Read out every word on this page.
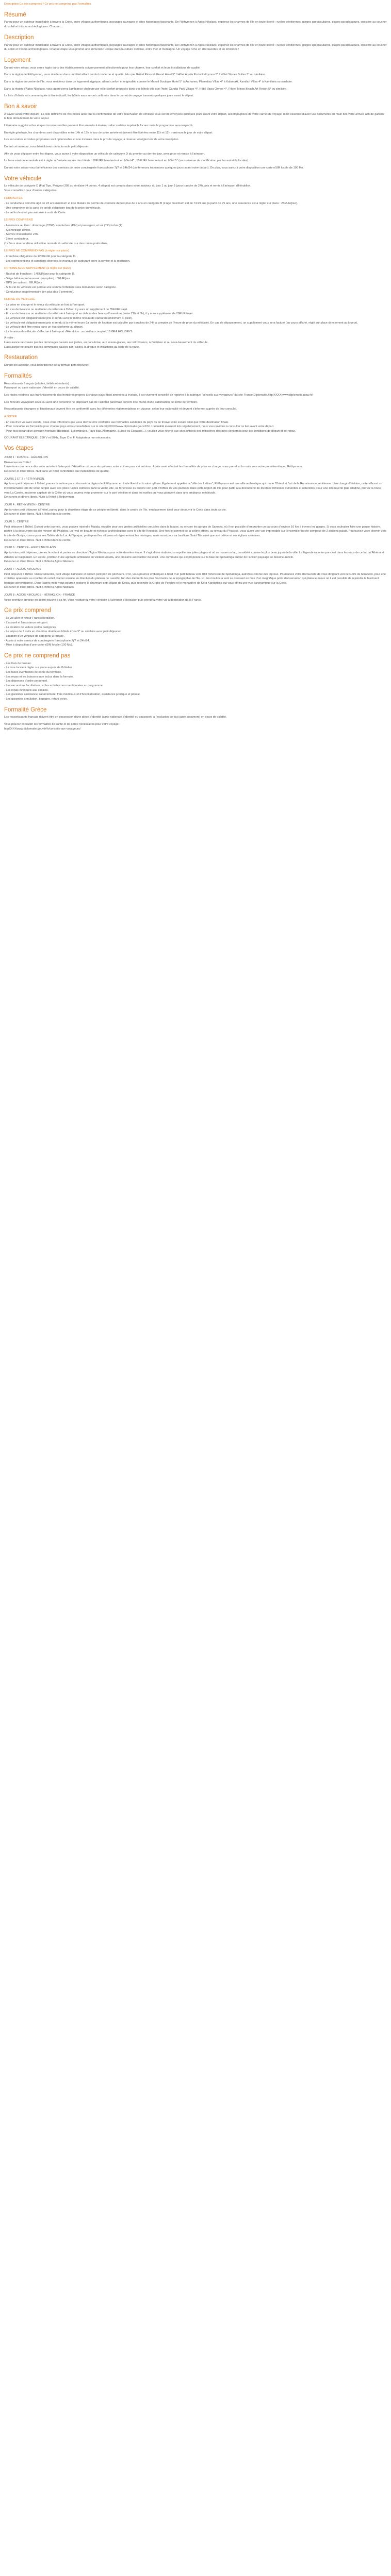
Description Ce prix comprend / Ce prix ne comprend pas Formalités

Résumé

Partez pour un autotour inoubliable à travers la Crète, entre villages authentiques, paysages sauvages et sites historiques fascinants. De Réthymnon à Agios Nikolaos, explorez les charmes de l'île en toute liberté : ruelles vénitiennes, gorges spectaculaires, plages paradisiaques, croisière au coucher du soleil et trésors archéologiques. Chaque ...

Description

Partez pour un autotour inoubliable à travers la Crète, entre villages authentiques, paysages sauvages et sites historiques fascinants. De Réthymnon à Agios Nikolaos, explorez les charmes de l'île en toute liberté : ruelles vénitiennes, gorges spectaculaires, plages paradisiaques, croisière au coucher du soleil et trésors archéologiques. Chaque étape vous promet une immersion unique dans la culture crétoise, entre mer et montagne. Un voyage riche en découvertes et en émotions !

Logement

Durant votre séjour, vous serez logés dans des établissements soigneusement sélectionnés pour leur charme, leur confort et leurs installations de qualité.

Dans la région de Réthymnon, vous résiderez dans un hôtel alliant confort moderne et qualité, tels que l'Hôtel Rimondi Grand Hotel 5* / Hôtel Aquila Porto Rethymno 5* / Hôtel Stones Suites 5* ou similaire.

Dans la région du centre de l'île, vous résiderez dans un logement atypique, alliant confort et originalité, comme le Manoli Boutique Hotel 5* à Archanes, Phaestias Villas 4* à Kalamaki, Kamilari Villas 4* à Kamilaria ou similaire.

Dans la région d'Agios Nikolaos, vous apprécierez l'ambiance chaleureuse et le confort proposés dans des hôtels tels que l'hotel Candia Park Village 4*, Hôtel Vasia Ormos 4*, l'Hotel Minos Beach Art Resort 5* ou similaire.

La liste d'hôtels est communiquée à titre indicatif, les hôtels vous seront confirmés dans le carnet de voyage transmis quelques jours avant le départ.

Bon à savoir

À savoir avant votre départ : La liste définitive de vos hôtels ainsi que la confirmation de votre réservation de véhicule vous seront envoyées quelques jours avant votre départ, accompagnées de votre carnet de voyage. Il est essentiel d'avoir vos documents en main dès votre arrivée afin de garantir le bon déroulement de votre séjour.

L'itinéraire suggéré et les étapes incontournables peuvent être amenés à évoluer selon certains impératifs locaux mais le programme sera respecté.

En règle générale, les chambres sont disponibles entre 14h et 15h le jour de votre arrivée et doivent être libérées entre 11h et 12h maximum le jour de votre départ.

Les excursions et visites proposées sont optionnelles et non incluses dans le prix du voyage, à réserver et régler lors de votre inscription.

Durant cet autotour, vous bénéficierez de la formule petit déjeuner.

Afin de vous déplacer entre les étapes, vous aurez à votre disposition un véhicule de catégorie D du premier au dernier jour, avec prise et remise à l'aéroport.

La base environnementale est à régler à l'arrivée auprès des hôtels : 10EUR/chambre/nuit en hôtel 4* ; 15EUR/chambre/nuit en hôtel 5* (sous réserve de modification par les autorités locales).

Durant votre séjour vous bénéficierez des services de notre conciergerie francophone 7j/7 et 24h/24 (conférences transmises quelques jours avant votre départ). De plus, vous aurez à votre disposition une carte eSIM locale de 100 Mo.

Votre véhicule

Le véhicule de catégorie D (Fiat Tipo, Peugeot 308 ou similaire (4 portes, 4 sièges) est compris dans votre autotour du jour 1 au jour 8 (pour tranche de 24h, pris et remis à l'aéroport d'Héraklion.
Vous connaîtrez pour d'autres catégories.

FORMALITÉS

- Le conducteur doit être âgé de 23 ans minimum et être titulaire du permis de conduire depuis plus de 2 ans en catégorie B (L'âge maximum est de 74.99 ans (a partir de 75 ans, une assurance est à régler sur place : 25EUR/jour).
- Une empreinte de la carte de crédit obligatoire lors de la prise du véhicule.
- Le véhicule n'est pas autorisé à sortir de Crète.

LE PRIX COMPREND

- Assurance au tiers : dommage (CDW), conducteur (PAI) et passagers, et vol (TP) inclus (1)
- Kilométrage illimité.
- Service d'assistance 24h.
- 2ème conducteur.
(1) Sous réserve d'une utilisation normale du véhicule, sur des routes praticables.

LE PRIX NE COMPREND PAS (à régler sur place)

- Franchise obligatoire de 1200EUR pour la catégorie D.
- Les contraventions et sanctions diverses, le manque de carburant entre la remise et la restitution.

OPTIONS AVEC SUPPLÉMENT (à régler sur place)

- Rachat de franchise : 14EUR/jour pour la catégorie D.
- Siège bébé ou rehausseur (en option) : 5EUR/jour
- GPS (en option) : 6EUR/jour
- Si la clé du véhicule est perdue une somme forfaitaire sera demandée selon catégorie.
- Conducteur supplémentaire (en plus des 2 premiers).

REMISE DU VÉHICULE

- La prise en charge et le retour du véhicule se font à l'aéroport.
- En cas de livraison ou restitution du véhicule à l'hôtel, il y aura un supplément de 35EUR/ trajet.
- En cas de livraison ou restitution du véhicule à l'aéroport en dehors des heures d'ouverture (entre 21h et 8h), il y aura supplément de 20EUR/trajet.
- Le véhicule est obligatoirement pris et rendu avec le même niveau de carburant (minimum ¼ plein).
- Le véhicule est obligatoirement pris et rendu à la même heure (la durée de location est calculée par tranches de 24h à compter de l'heure de prise du véhicule). En cas de dépassement, un supplément vous sera facturé (au cours affiché, réglé sur place directement au loueur).
- Le véhicule doit être rendu dans un état conforme au départ.
- La livraison du véhicule s'effectue à l'aéroport d'Héraklion : accueil au comptoir 16 GEA HOLIDAYS
À noter :
L'assurance ne couvre pas les dommages causés aux jantes, au pare-brise, aux essuie-glaces, aux rétroviseurs, à l'intérieur et au sous-bassement du véhicule.
L'assurance ne couvre pas les dommages causés par l'alcool, la drogue et infractions au code de la route.
Restauration

Durant cet autotour, vous bénéficierez de la formule petit déjeuner.

Formalités

Ressortissants français (adultes, bébés et enfants) :
Passeport ou carte nationale d'identité en cours de validité.

Les règles relatives aux franchissements des frontières propres à chaque pays étant amenées à évoluer, il est vivement conseillé de reporter à la rubrique "conseils aux voyageurs" du site France Diplomatie.http(XXXX)www.diplomatie.gouv.fr/.

Les mineurs voyageant seuls ou avec une personne ne disposant pas de l'autorité parentale doivent être munis d'une autorisation de sortie de territoire.

Ressortissants étrangers et binationaux devront être en conformité avec les différentes réglementations en vigueur, selon leur nationalité et devront s'informer auprès de leur consulat.

A NOTER

- En cas d'un vol avec escale, nous vous informons que vous devrez être conforme aux formalités sanitaires du pays ou se trouve votre escale ainsi que votre destination finale.
- Pour connaître les formalités pour chaque pays et/ou consultables sur le site httpXXXXwww.diplomatie.gouv.fr/fr/. L'actualité évoluant très régulièrement, nous vous invitons à consulter ce lien avant votre départ.
- Pour tout départ d'un aéroport frontalier (Belgique, Luxembourg, Pays-Bas, Allemagne, Suisse ou Espagne...), veuillez vous référer aux sites officiels des ministères des pays concernés pour les conditions de départ et de retour.

COURANT ELECTRIQUE : 230 V et 50Hz, Type C et F. Adaptateur non nécessaire.

Vos étapes

JOUR 1 : FRANCE - HÉRAKLION

Bienvenue en Crète !
L'aventure commence dès votre arrivée à l'aéroport d'Héraklion où vous récupérerez votre voiture pour cet autotour. Après avoir effectué les formalités de prise en charge, vous prendrez la route vers votre première étape : Réthymnon.
Déjeuner et dîner libres. Nuit dans un hôtel confortable aux installations de qualité.

JOURS 2 ET 3 : RÉTHYMNON

Après un petit déjeuner à l'hôtel, prenez la voiture pour découvrir la région de Réthymnon en toute liberté et à votre rythme. Également appelée la "ville des Lettres", Réthymnon est une ville authentique qui marie l'Orient et l'art de la Renaissance vénitienne. Lieu chargé d'histoire, cette ville est un incontournable lors de votre périple avec ses jolies ruelles colorées dans la vieille ville, sa forteresse ou encore son port. Profitez de vos journées dans cette région de l'île pour partir à la découverte de diverses richesses culturelles et naturelles. Pour une découverte plus citadine, prenez la route vers La Canée, ancienne capitale de la Crète où vous pourrez vous promener sur le port vénitien et dans les ruelles qui vous plongent dans une ambiance médiévale.
Déjeuners et dîners libres. Nuits à l'hôtel à Réthymnon.

JOUR 4 : RÉTHYMNON - CENTRE

Après votre petit déjeuner à l'hôtel, partez pour la deuxième étape de ce périple en liberté, dans le centre de l'île, emplacement idéal pour découvrir le Crète dans toute sa vie.
Déjeuner et dîner libres. Nuit à l'hôtel dans le centre.

JOUR 5 : CENTRE

Petit déjeuner à l'hôtel. Durant cette journée, vous pouvez rejoindre Matala, réputée pour ses grottes artificielles creusées dans la falaise, ou encore les gorges de Samaria, où il est possible d'emprunter un parcours d'environ 16 km à travers les gorges. Si vous souhaitez faire une pause histoire, partez à la découverte du site minoen de Phaistos, un rival en beauté et richesse archéologique avec le site de Knossos. Une fois le sommet de la colline atteint, au niveau du Phaistos, vous aurez une vue imprenable sur l'ensemble du site composé de 2 anciens palais. Poursuivez votre chemin vers le site de Gortys, connu pour ses Tables de la Loi. À l'époque, protégeant les citoyens et réglementant les mariages, mais aussi pour sa basilique Saint Tite ainsi que son odéon et ses églises romaines.
Déjeuner et dîner libres. Nuit à l'hôtel dans le centre.

JOUR 6 : CENTRE - AGIOS NIKOLAOS

Après votre petit déjeuner, prenez le volant et partez en direction d'Agios Nikolaos pour votre dernière étape. Il s'agit d'une station cosmopolite aux jolies plages et où se trouve un lac, considéré comme le plus beau joyau de la ville. La légende raconte que c'est dans les eaux de ce lac qu'Athéna et Artemis se baignaient. En soirée, profitez d'une agréable ambiance en visitant Elouda, une croisière au coucher du soleil. Une commune qui est proposée sur la baie de Spinalonga autour de l'ancien paysage se dessine au loin.
Déjeuner et dîner libres. Nuit à l'hôtel à Agios Nikolaos.

JOUR 7 : AGIOS NIKOLAOS

Petit déjeuner à l'hôtel. Visitez Elounda, petit village balnéaire et ancien petit port de pêcheurs. D'ici, vous pourrez embarquer à bord d'un petit bateau vers l'îlot forteresse de Spinalonga, autrefois colonie des lépreux. Poursuivez votre découverte de vous dirigeant vers le Golfe de Mirabello, pour une croisière apaisante au coucher du soleil. Partez ensuite en direction du plateau de Lassithi, l'un des éléments les plus fascinants de la topographie de l'île. Ici, les moulins à vent se dressent en face d'un magnifique point d'observation qui plaira le mieux où il est possible de rejoindre le fascinant héritage générationnel. Dans l'après-midi, vous pourrez explorer le charmant petit village de Kritsa, puis rejoindre la Grotte de Psychro et le monastère de Kera Kardiotissa qui vous offrira une vue panoramique sur la Crète.
Déjeuner et dîner libres. Nuit à l'hôtel à Agios Nikolaos.

JOUR 8 : AGIOS NIKOLAOS - HÉRAKLION - FRANCE

Votre aventure crétoise en liberté touche à sa fin. Vous restituerez votre véhicule à l'aéroport d'Héraklion puis prendrez votre vol à destination de la France.

Ce prix comprend
- Le vol aller et retour France/Héraklion.
- L'accueil et l'assistance aéroport.
- La location de voiture (selon catégorie).
- Le séjour de 7 nuits en chambre double en hôtels 4* ou 5* ou similaire avec petit déjeuner.
- Location d'un véhicule de catégorie D incluse.
- Accès à notre service de conciergerie francophone 7j/7 et 24h/24.
- Mise à disposition d'une carte eSIM locale (100 Mo).
Ce prix ne comprend pas
- Les frais de dossier.
- La taxe locale à régler sur place auprès de l'hôtelier.
- Les taxes éventuelles de sortie du territoire.
- Les repas et les boissons non inclus dans la formule.
- Les dépenses d'ordre personnel.
- Les excursions facultatives, et les activités non mentionnées au programme.
- Les repas éventuels aux escales.
- Les garanties assistance, rapatriement, frais médicaux et d'hospitalisation, assistance juridique et pénale.
- Les garanties annulation, bagages, retard avion.
Formalité Grèce

Les ressortissants français doivent être en possession d'une pièce d'identité (carte nationale d'identité ou passeport, à l'exclusion de tout autre document) en cours de validité.

Vous pouvez consulter les formalités de santé et de police nécessaires pour votre voyage :
httpXXXXwww.diplomatie.gouv.fr/fr/conseils-aux-voyageurs/
